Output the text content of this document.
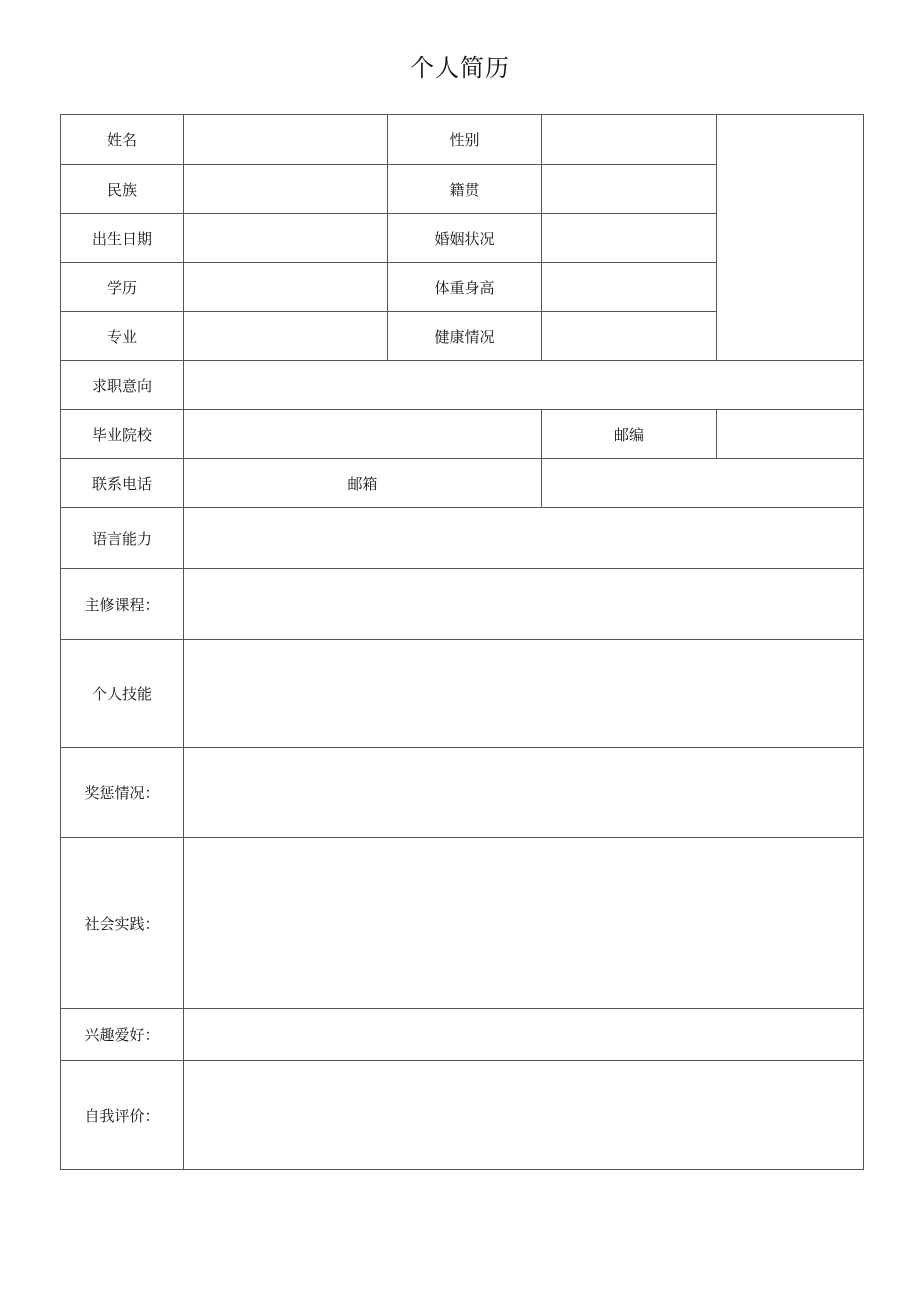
个人简历
姓名		性别		
民族		籍贯		
出生日期		婚姻状况		
学历		体重身高		
专业		健康情况		
求职意向				
毕业院校			邮编	
联系电话	邮箱			
语言能力				
主修课程：				
个人技能				
奖惩情况：				
社会实践：				
兴趣爱好：				
自我评价：				
